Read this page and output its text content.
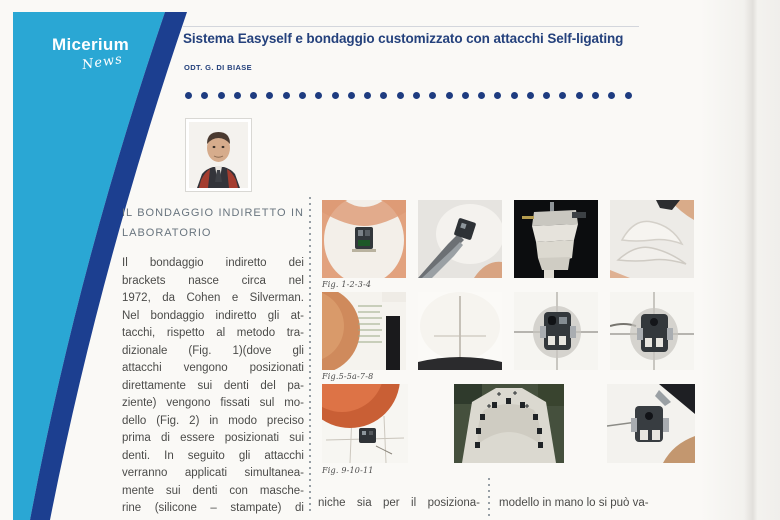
Micerium
News
Sistema Easyself e bondaggio customizzato con attacchi Self-ligating
ODT. G. DI BIASE
IL BONDAGGIO INDIRETTO IN
LABORATORIO
Il bondaggio indiretto dei
brackets nasce circa nel
1972, da Cohen e Silverman.
Nel bondaggio indiretto gli at-
tacchi, rispetto al metodo tra-
dizionale (Fig. 1)(dove gli
attacchi vengono posizionati
direttamente sui denti del pa-
ziente) vengono fissati sul mo-
dello (Fig. 2) in modo preciso
prima di essere posizionati sui
denti. In seguito gli attacchi
verranno applicati simultanea-
mente sui denti con masche-
rine (silicone – stampate) di
Fig. 1-2-3-4
Fig.5-5a-7-8
Fig. 9-10-11
niche sia per il posiziona- modello in mano lo si può va-
